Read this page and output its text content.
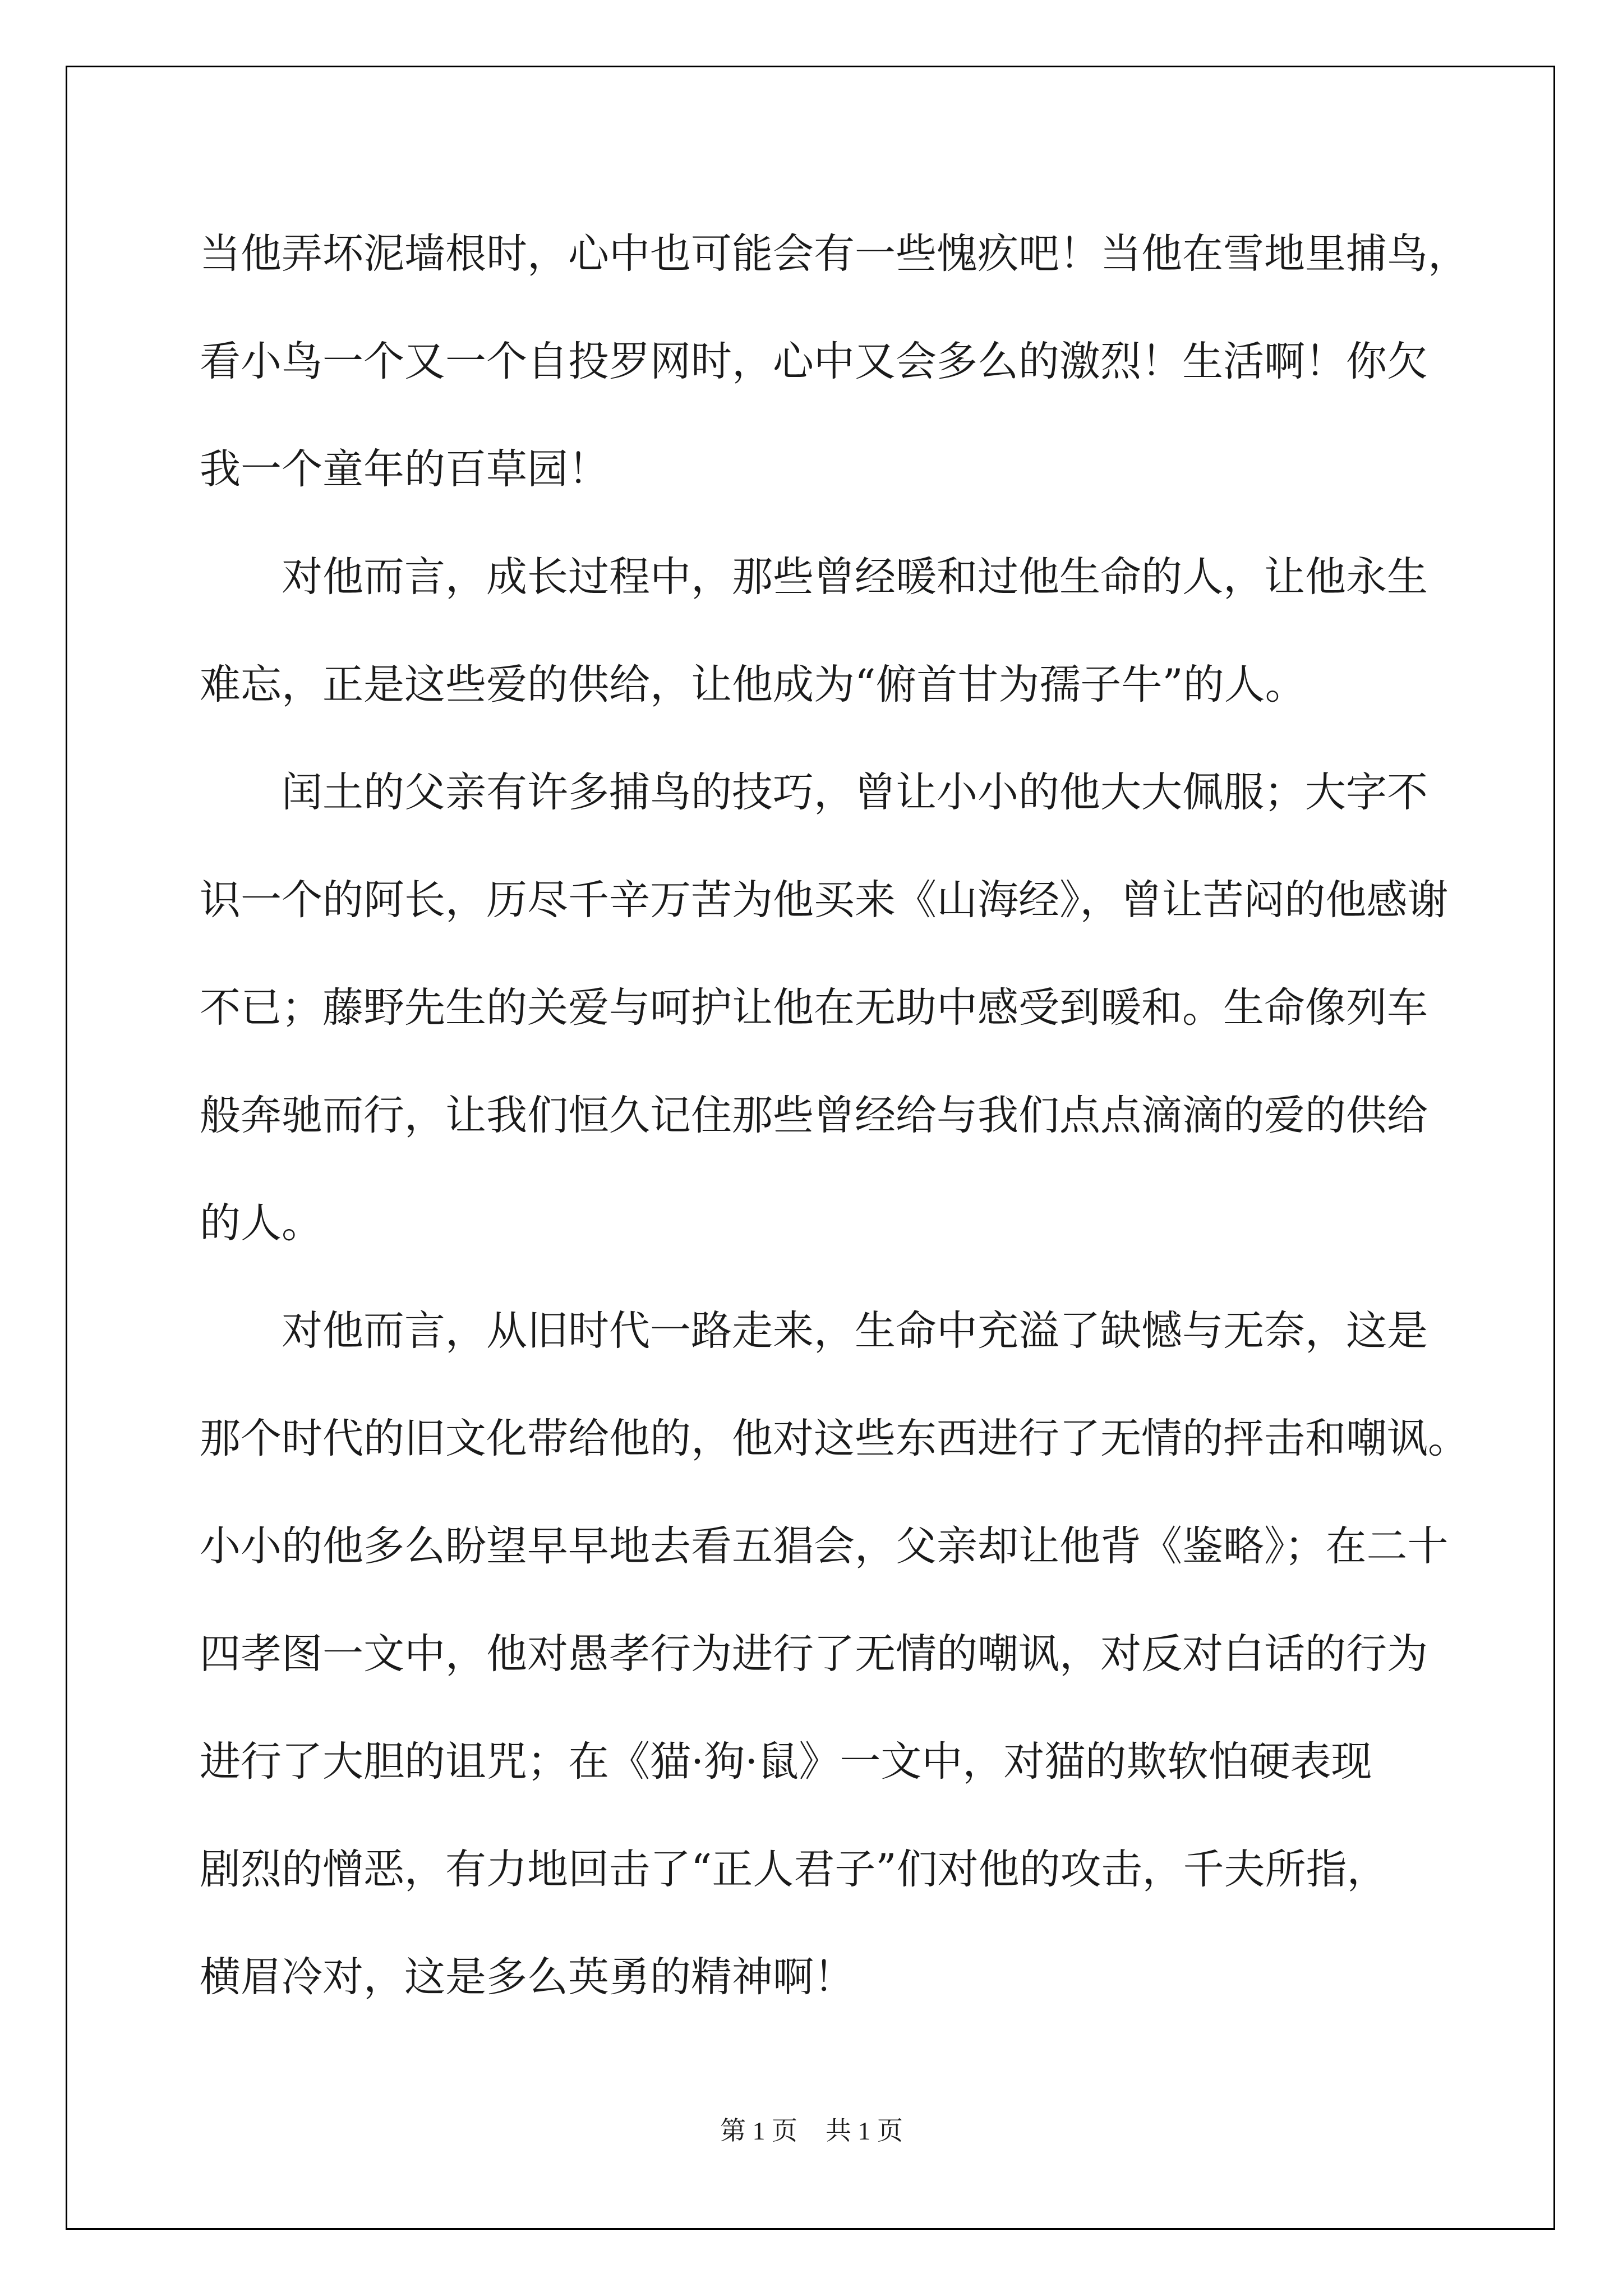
当他弄坏泥墙根时，心中也可能会有一些愧疚吧！当他在雪地里捕鸟，
看小鸟一个又一个自投罗网时，心中又会多么的激烈！生活啊！你欠
我一个童年的百草园！
对他而言，成长过程中，那些曾经暖和过他生命的人，让他永生
难忘，正是这些爱的供给，让他成为“俯首甘为孺子牛”的人。
闰土的父亲有许多捕鸟的技巧，曾让小小的他大大佩服；大字不
识一个的阿长，历尽千辛万苦为他买来《山海经》，曾让苦闷的他感谢
不已；藤野先生的关爱与呵护让他在无助中感受到暖和。生命像列车
般奔驰而行，让我们恒久记住那些曾经给与我们点点滴滴的爱的供给
的人。
对他而言，从旧时代一路走来，生命中充溢了缺憾与无奈，这是
那个时代的旧文化带给他的，他对这些东西进行了无情的抨击和嘲讽。
小小的他多么盼望早早地去看五猖会，父亲却让他背《鉴略》；在二十
四孝图一文中，他对愚孝行为进行了无情的嘲讽，对反对白话的行为
进行了大胆的诅咒；在《猫·狗·鼠》一文中，对猫的欺软怕硬表现
剧烈的憎恶，有力地回击了“正人君子”们对他的攻击，千夫所指，
横眉冷对，这是多么英勇的精神啊！
第 1 页 共 1 页
